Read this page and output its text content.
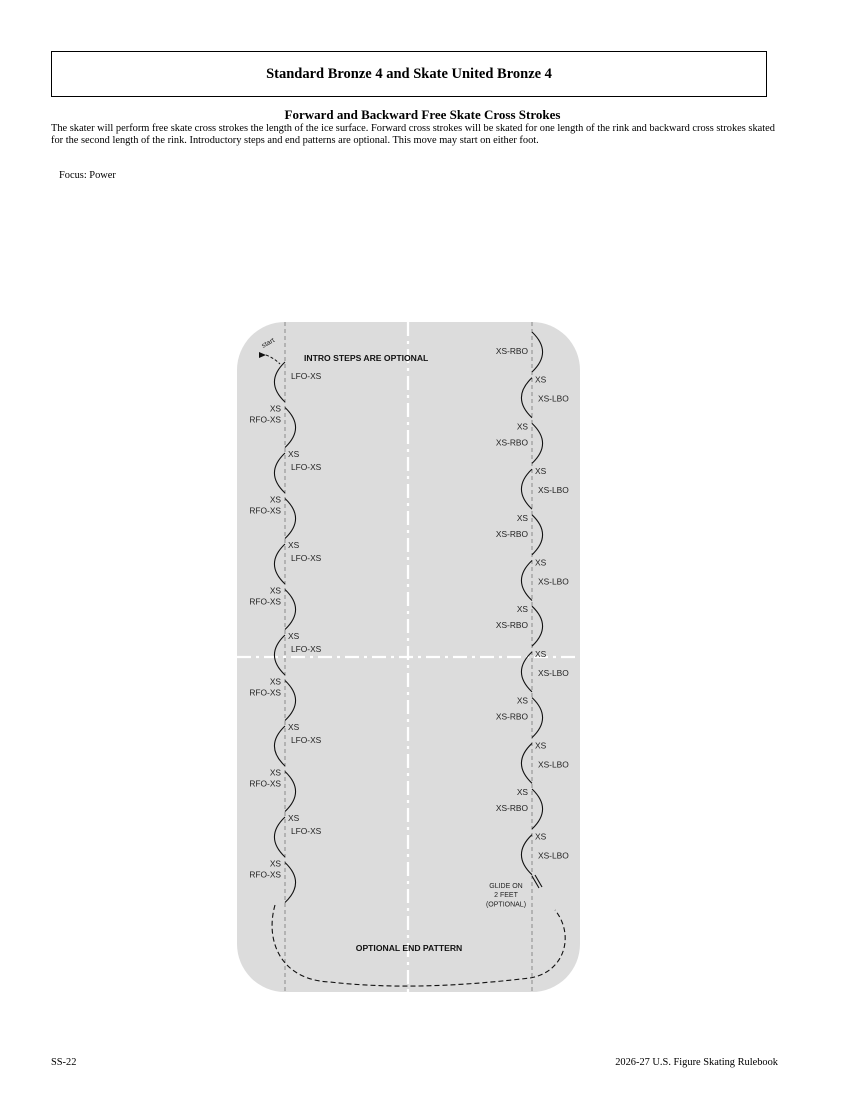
Standard Bronze 4 and Skate United Bronze 4
Forward and Backward Free Skate Cross Strokes
The skater will perform free skate cross strokes the length of the ice surface. Forward cross strokes will be skated for one length of the rink and backward cross strokes skated for the second length of the rink. Introductory steps and end patterns are optional. This move may start on either foot.
Focus: Power
LFO-XS
XS
RFO-XS
XS
LFO-XS
XS
RFO-XS
XS
LFO-XS
XS
RFO-XS
XS
LFO-XS
XS
RFO-XS
XS
LFO-XS
XS
RFO-XS
XS
LFO-XS
XS
RFO-XS
XS-RBO
XS
XS-LBO
XS
XS-RBO
XS
XS-LBO
XS
XS-RBO
XS
XS-LBO
XS
XS-RBO
XS
XS-LBO
XS
XS-RBO
XS
XS-LBO
XS
XS-RBO
XS
XS-LBO
start
INTRO STEPS ARE OPTIONAL
OPTIONAL END PATTERN
GLIDE ON
2 FEET
(OPTIONAL)
SS-22	2026-27 U.S. Figure Skating Rulebook
